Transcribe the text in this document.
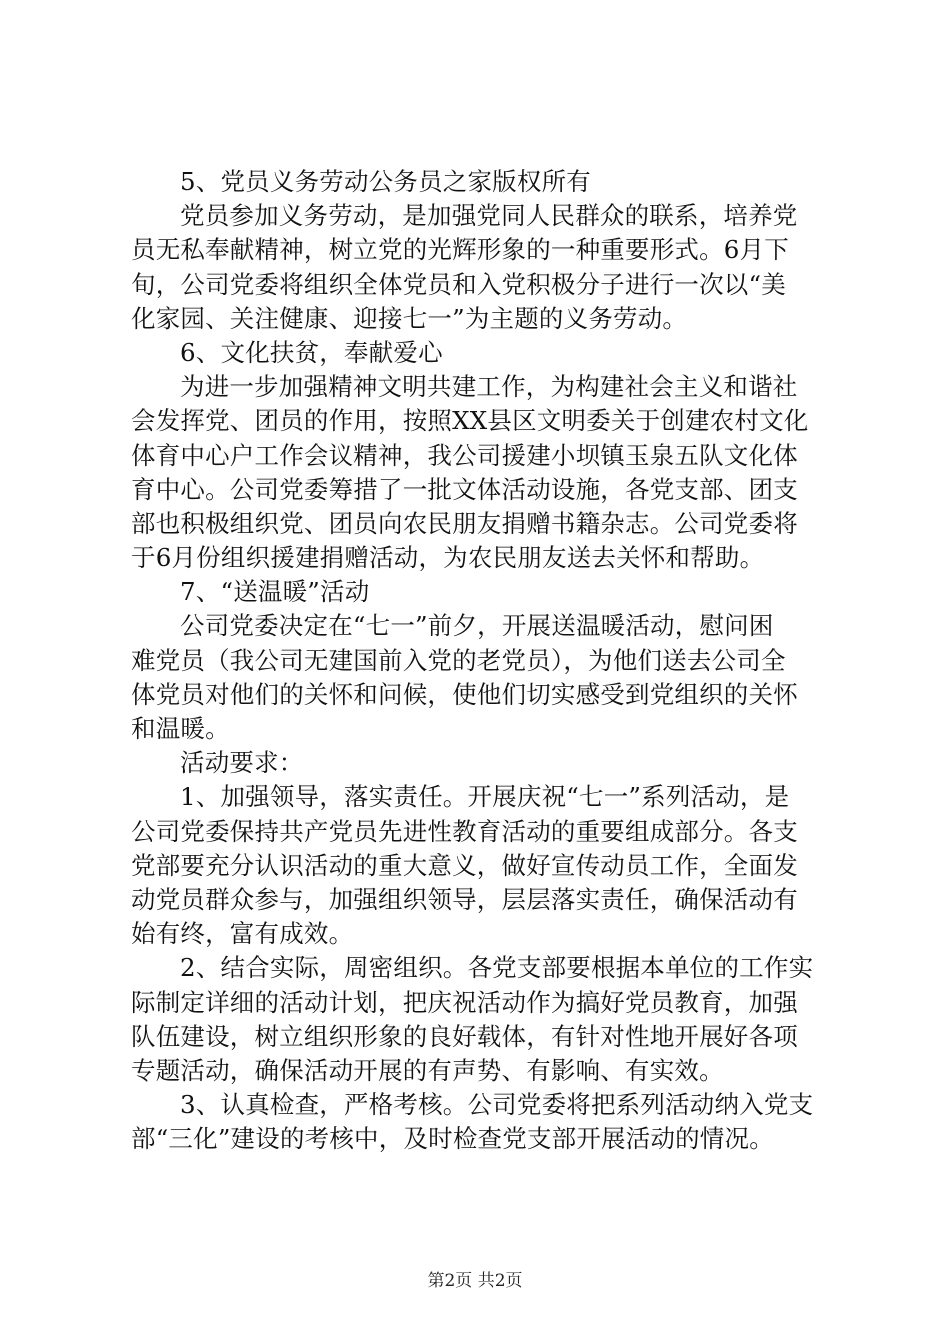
5、党员义务劳动公务员之家版权所有
党员参加义务劳动，是加强党同人民群众的联系，培养党
员无私奉献精神，树立党的光辉形象的一种重要形式。6月下
旬，公司党委将组织全体党员和入党积极分子进行一次以“美
化家园、关注健康、迎接七一”为主题的义务劳动。
6、文化扶贫，奉献爱心
为进一步加强精神文明共建工作，为构建社会主义和谐社
会发挥党、团员的作用，按照XX县区文明委关于创建农村文化
体育中心户工作会议精神，我公司援建小坝镇玉泉五队文化体
育中心。公司党委筹措了一批文体活动设施，各党支部、团支
部也积极组织党、团员向农民朋友捐赠书籍杂志。公司党委将
于6月份组织援建捐赠活动，为农民朋友送去关怀和帮助。
7、“送温暖”活动
公司党委决定在“七一”前夕，开展送温暖活动，慰问困
难党员（我公司无建国前入党的老党员），为他们送去公司全
体党员对他们的关怀和问候，使他们切实感受到党组织的关怀
和温暖。
活动要求：
1、加强领导，落实责任。开展庆祝“七一”系列活动，是
公司党委保持共产党员先进性教育活动的重要组成部分。各支
党部要充分认识活动的重大意义，做好宣传动员工作，全面发
动党员群众参与，加强组织领导，层层落实责任，确保活动有
始有终，富有成效。
2、结合实际，周密组织。各党支部要根据本单位的工作实
际制定详细的活动计划，把庆祝活动作为搞好党员教育，加强
队伍建设，树立组织形象的良好载体，有针对性地开展好各项
专题活动，确保活动开展的有声势、有影响、有实效。
3、认真检查，严格考核。公司党委将把系列活动纳入党支
部“三化”建设的考核中，及时检查党支部开展活动的情况。
第2页 共2页
